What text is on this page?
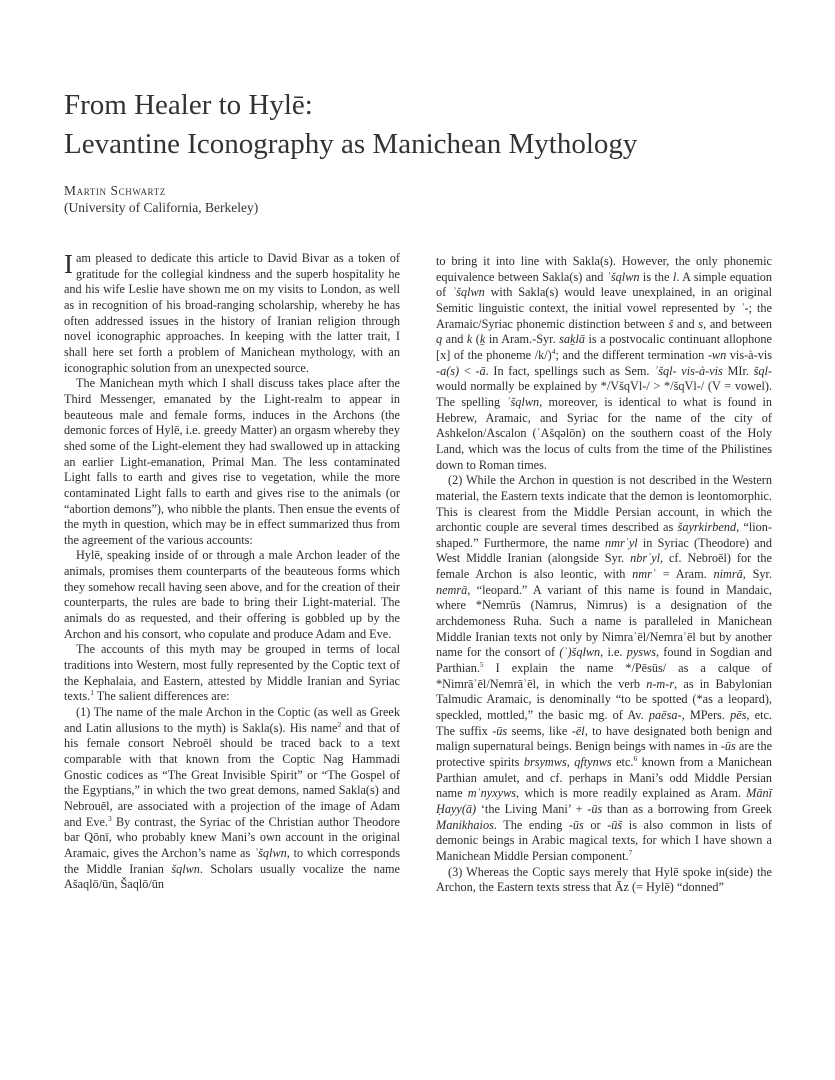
From Healer to Hylē:
Levantine Iconography as Manichean Mythology

Martin Schwartz

(University of California, Berkeley)

I am pleased to dedicate this article to David Bivar as a token of gratitude for the collegial kindness and the superb hospitality he and his wife Leslie have shown me on my visits to London, as well as in recognition of his broad-ranging scholarship, whereby he has often addressed issues in the history of Iranian religion through novel iconographic approaches. In keeping with the latter trait, I shall here set forth a problem of Manichean mythology, with an iconographic solution from an unexpected source.

The Manichean myth which I shall discuss takes place after the Third Messenger, emanated by the Light-realm to appear in beauteous male and female forms, induces in the Archons (the demonic forces of Hylē, i.e. greedy Matter) an orgasm whereby they shed some of the Light-element they had swallowed up in attacking an earlier Light-emanation, Primal Man. The less contaminated Light falls to earth and gives rise to vegetation, while the more contaminated Light falls to earth and gives rise to the animals (or “abortion demons”), who nibble the plants. Then ensue the events of the myth in question, which may be in effect summarized thus from the agreement of the various accounts:

Hylē, speaking inside of or through a male Archon leader of the animals, promises them counterparts of the beauteous forms which they somehow recall having seen above, and for the creation of their counterparts, the rules are bade to bring their Light-material. The animals do as requested, and their offering is gobbled up by the Archon and his consort, who copulate and produce Adam and Eve.

The accounts of this myth may be grouped in terms of local traditions into Western, most fully represented by the Coptic text of the Kephalaia, and Eastern, attested by Middle Iranian and Syriac texts.$^1$ The salient differences are:

(1) The name of the male Archon in the Coptic (as well as Greek and Latin allusions to the myth) is Sakla(s). His name$^2$ and that of his female consort Nebroēl should be traced back to a text comparable with that known from the Coptic Nag Hammadi Gnostic codices as “The Great Invisible Spirit” or “The Gospel of the Egyptians,” in which the two great demons, named Sakla(s) and Nebrouēl, are associated with a projection of the image of Adam and Eve.$^3$ By contrast, the Syriac of the Christian author Theodore bar Qōnī, who probably knew Mani’s own account in the original Aramaic, gives the Archon’s name as ʾšqlwn, to which corresponds the Middle Iranian šqlwn. Scholars usually vocalize the name Ašaqlō/ūn, Šaqlō/ūn

to bring it into line with Sakla(s). However, the only phonemic equivalence between Sakla(s) and ʾšqlwn is the l. A simple equation of ʾšqlwn with Sakla(s) would leave unexplained, in an original Semitic linguistic context, the initial vowel represented by ʾ-; the Aramaic/Syriac phonemic distinction between š and s, and between q and k (ḵ in Aram.-Syr. saḵlā is a postvocalic continuant allophone [x] of the phoneme /k/)$^4$; and the different termination -wn vis-à-vis -a(s) < -ā. In fact, spellings such as Sem. ʾšql- vis-à-vis MIr. šql- would normally be explained by */VšqVl-/ > */šqVl-/ (V = vowel). The spelling ʾšqlwn, moreover, is identical to what is found in Hebrew, Aramaic, and Syriac for the name of the city of Ashkelon/Ascalon (ʾAšqəlōn) on the southern coast of the Holy Land, which was the locus of cults from the time of the Philistines down to Roman times.

(2) While the Archon in question is not described in the Western material, the Eastern texts indicate that the demon is leontomorphic. This is clearest from the Middle Persian account, in which the archontic couple are several times described as šayrkirbend, “lion-shaped.” Furthermore, the name nmrʾyl in Syriac (Theodore) and West Middle Iranian (alongside Syr. nbrʾyl, cf. Nebroēl) for the female Archon is also leontic, with nmrʾ = Aram. nimrā, Syr. nemrā, “leopard.” A variant of this name is found in Mandaic, where *Nemrūs (Namrus, Nimrus) is a designation of the archdemoness Ruha. Such a name is paralleled in Manichean Middle Iranian texts not only by Nimraʾēl/Nemraʾēl but by another name for the consort of (ʾ)šqlwn, i.e. pysws, found in Sogdian and Parthian.$^5$ I explain the name */Pēsūs/ as a calque of *Nimrāʾēl/Nemrāʾēl, in which the verb n-m-r, as in Babylonian Talmudic Aramaic, is denominally “to be spotted (*as a leopard), speckled, mottled,” the basic mg. of Av. paēsa-, MPers. pēs, etc. The suffix -ūs seems, like -ēl, to have designated both benign and malign supernatural beings. Benign beings with names in -ūs are the protective spirits brsymws, qftynws etc.$^6$ known from a Manichean Parthian amulet, and cf. perhaps in Mani’s odd Middle Persian name mʾnyxyws, which is more readily explained as Aram. Mānī Ḥayy(ā) ‘the Living Mani’ + -ūs than as a borrowing from Greek Manikhaios. The ending -ūs or -ūš is also common in lists of demonic beings in Arabic magical texts, for which I have shown a Manichean Middle Persian component.$^7$

(3) Whereas the Coptic says merely that Hylē spoke in(side) the Archon, the Eastern texts stress that Āz (= Hylē) “donned”
